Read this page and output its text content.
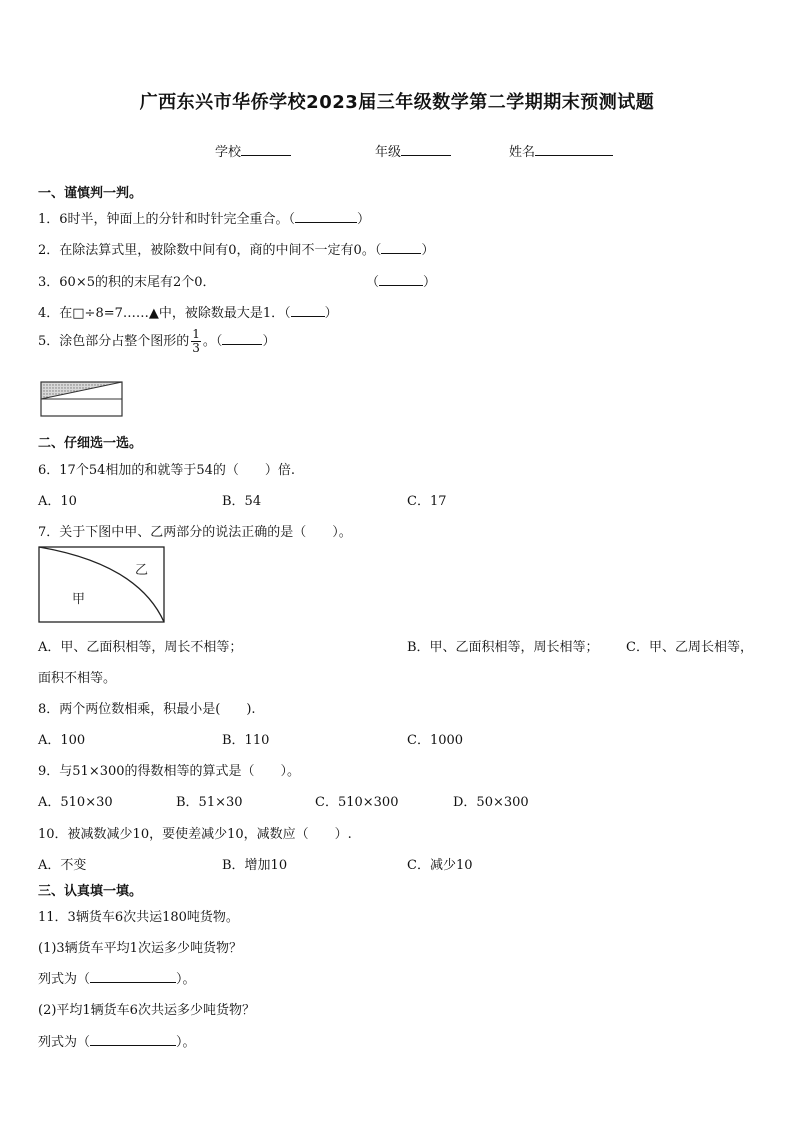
广西东兴市华侨学校2023届三年级数学第二学期期末预测试题
学校	年级	姓名
一、谨慎判一判。
1．6时半，钟面上的分针和时针完全重合。（	）
2．在除法算式里，被除数中间有0，商的中间不一定有0。（	）
3．60×5的积的末尾有2个0．	（	）
4．在□÷8=7……▲中，被除数最大是1．（	）
5．涂色部分占整个图形的 $\frac{1}{3}$ 。（	）
二、仔细选一选。
6．17个54相加的和就等于54的（　　）倍.
A．10	B．54	C．17
7．关于下图中甲、乙两部分的说法正确的是（　　）。
甲
乙
A．甲、乙面积相等，周长不相等；	B．甲、乙面积相等，周长相等； C．甲、乙周长相等，
面积不相等。
8．两个两位数相乘，积最小是(　　).
A．100	B．110	C．1000
9．与51×300的得数相等的算式是（　　）。
A．510×30	B．51×30	C．510×300	D．50×300
10．被减数减少10，要使差减少10，减数应（　　）.
A．不变	B．增加10	C．减少10
三、认真填一填。
11．3辆货车6次共运180吨货物。
(1)3辆货车平均1次运多少吨货物？
列式为（	）。
(2)平均1辆货车6次共运多少吨货物？
列式为（	）。
